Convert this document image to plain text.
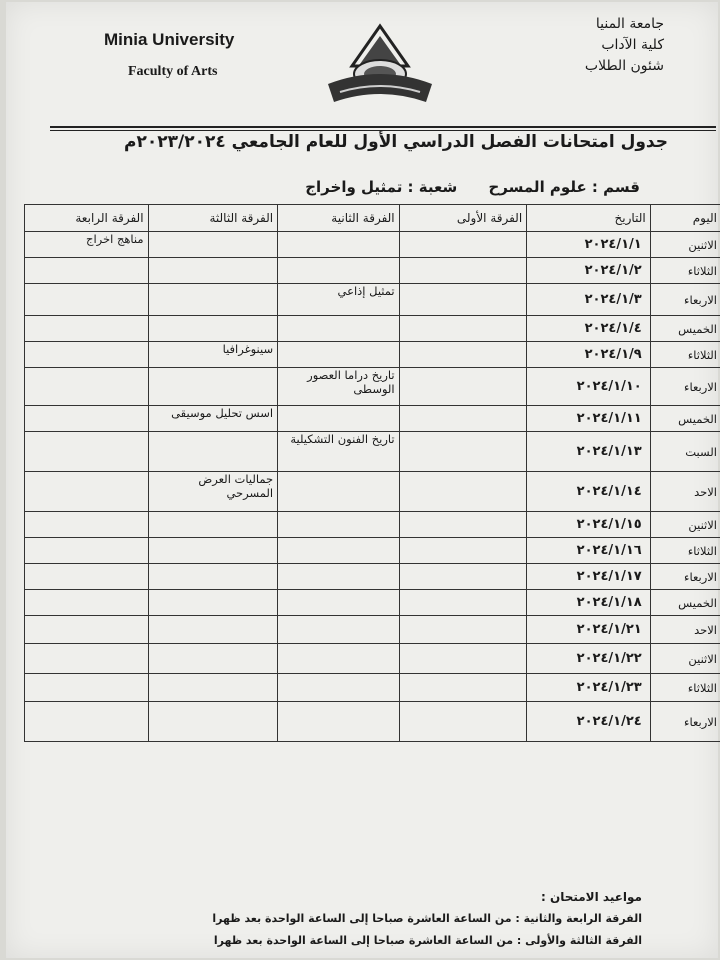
Minia University
Faculty of Arts
جامعة المنيا
كلية الآداب
شئون الطلاب
جدول امتحانات الفصل الدراسي الأول للعام الجامعي ٢٠٢٣/٢٠٢٤م
قسم : علوم المسرح شعبة : تمثيل واخراج
اليوم	التاريخ	الفرقة الأولى	الفرقة الثانية	الفرقة الثالثة	الفرقة الرابعة
الاثنين	٢٠٢٤/١/١				مناهج اخراج
الثلاثاء	٢٠٢٤/١/٢				
الاربعاء	٢٠٢٤/١/٣		تمثيل إذاعي		
الخميس	٢٠٢٤/١/٤				
الثلاثاء	٢٠٢٤/١/٩			سينوغرافيا	
الاربعاء	٢٠٢٤/١/١٠		تاريخ دراما العصور الوسطى		
الخميس	٢٠٢٤/١/١١			اسس تحليل موسيقى	
السبت	٢٠٢٤/١/١٣		تاريخ الفنون التشكيلية		
الاحد	٢٠٢٤/١/١٤			جماليات العرض المسرحي	
الاثنين	٢٠٢٤/١/١٥				
الثلاثاء	٢٠٢٤/١/١٦				
الاربعاء	٢٠٢٤/١/١٧				
الخميس	٢٠٢٤/١/١٨				
الاحد	٢٠٢٤/١/٢١				
الاثنين	٢٠٢٤/١/٢٢				
الثلاثاء	٢٠٢٤/١/٢٣				
الاربعاء	٢٠٢٤/١/٢٤				
مواعيد الامتحان :
الفرقة الرابعة والثانية : من الساعة العاشرة صباحا إلى الساعة الواحدة بعد ظهرا
الفرقة الثالثة والأولى : من الساعة العاشرة صباحا إلى الساعة الواحدة بعد ظهرا
